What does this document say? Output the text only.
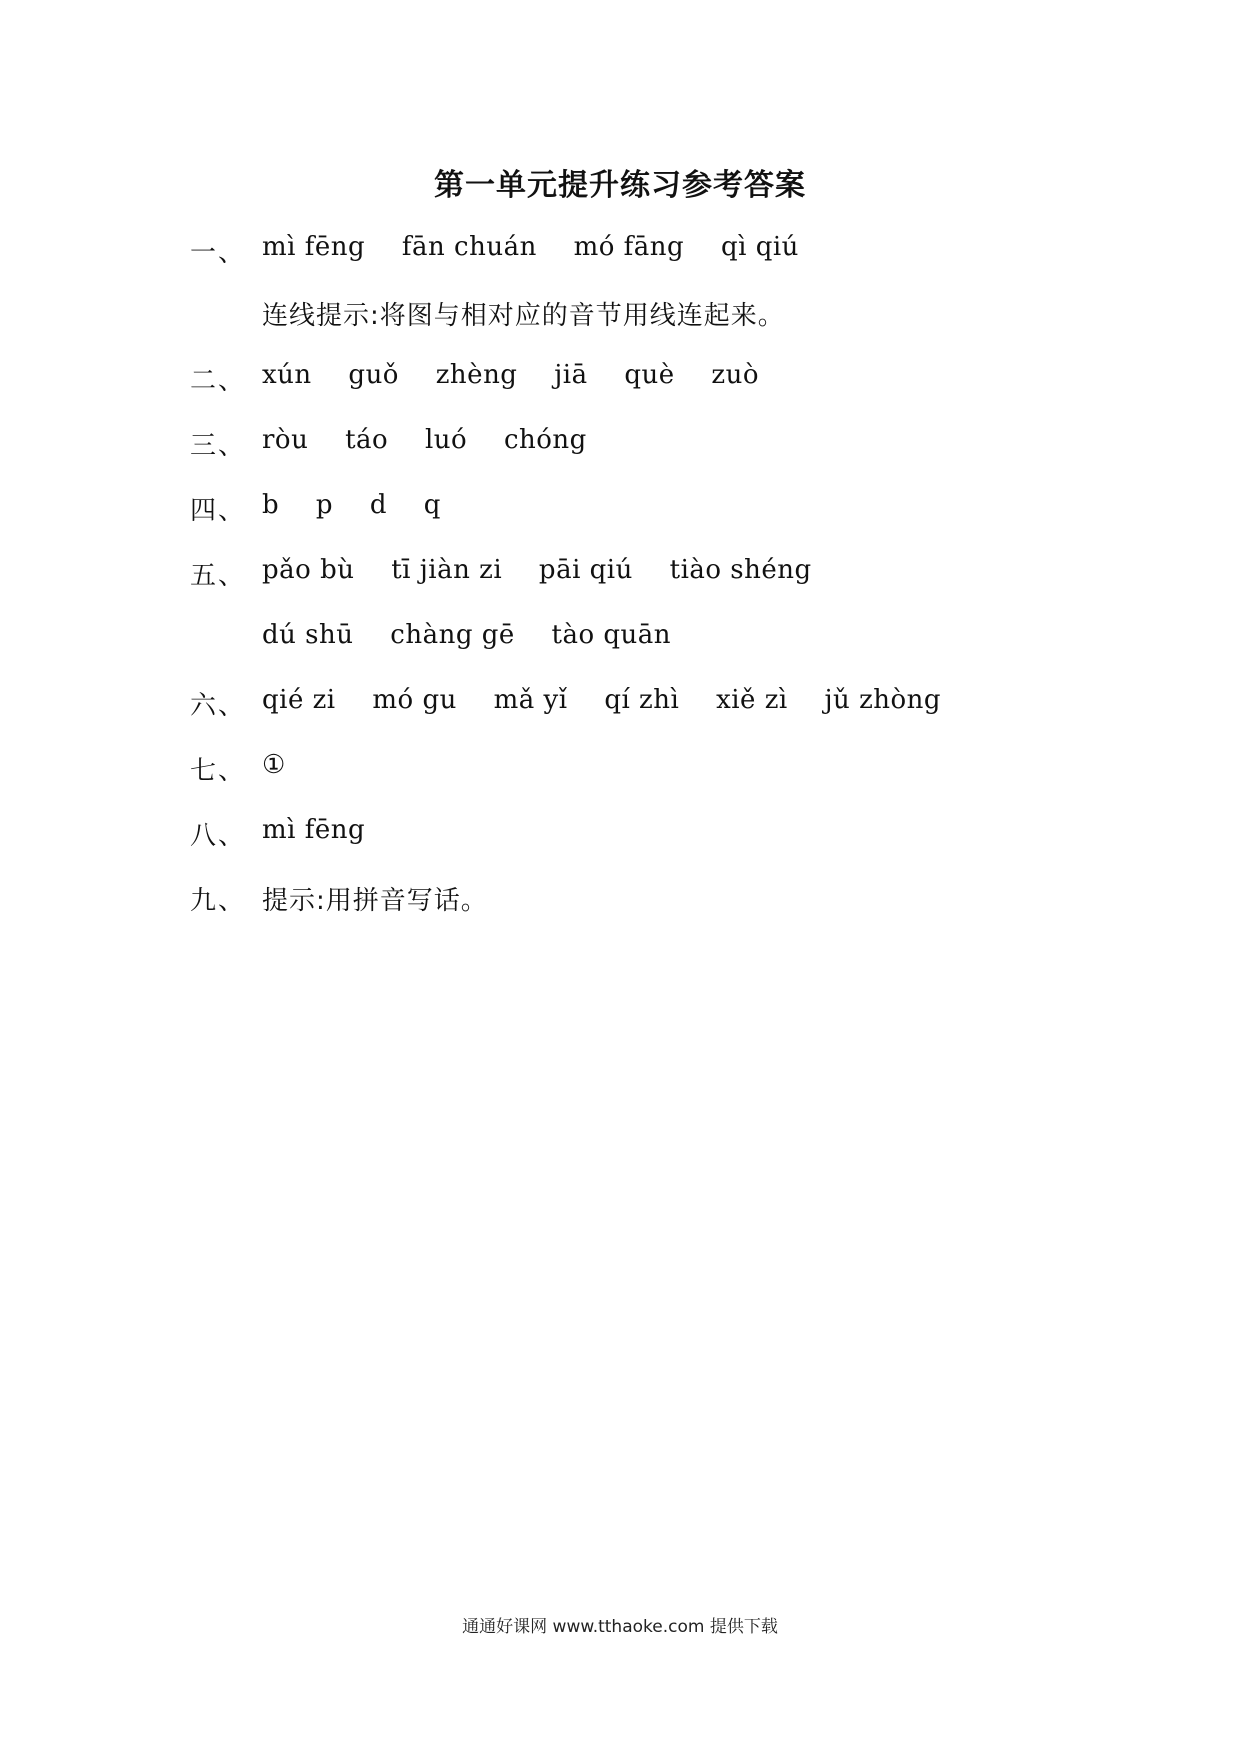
第一单元提升练习参考答案
一、 mì fēng fān chuán mó fāng qì qiú
连线提示:将图与相对应的音节用线连起来。
二、 xún guǒ zhèng jiā què zuò
三、 ròu táo luó chóng
四、 b p d q
五、 pǎo bù tī jiàn zi pāi qiú tiào shéng
dú shū chàng gē tào quān
六、 qié zi mó gu mǎ yǐ qí zhì xiě zì jǔ zhòng
七、 ①
八、 mì fēng
九、 提示:用拼音写话。
通通好课网 www.tthaoke.com 提供下载
